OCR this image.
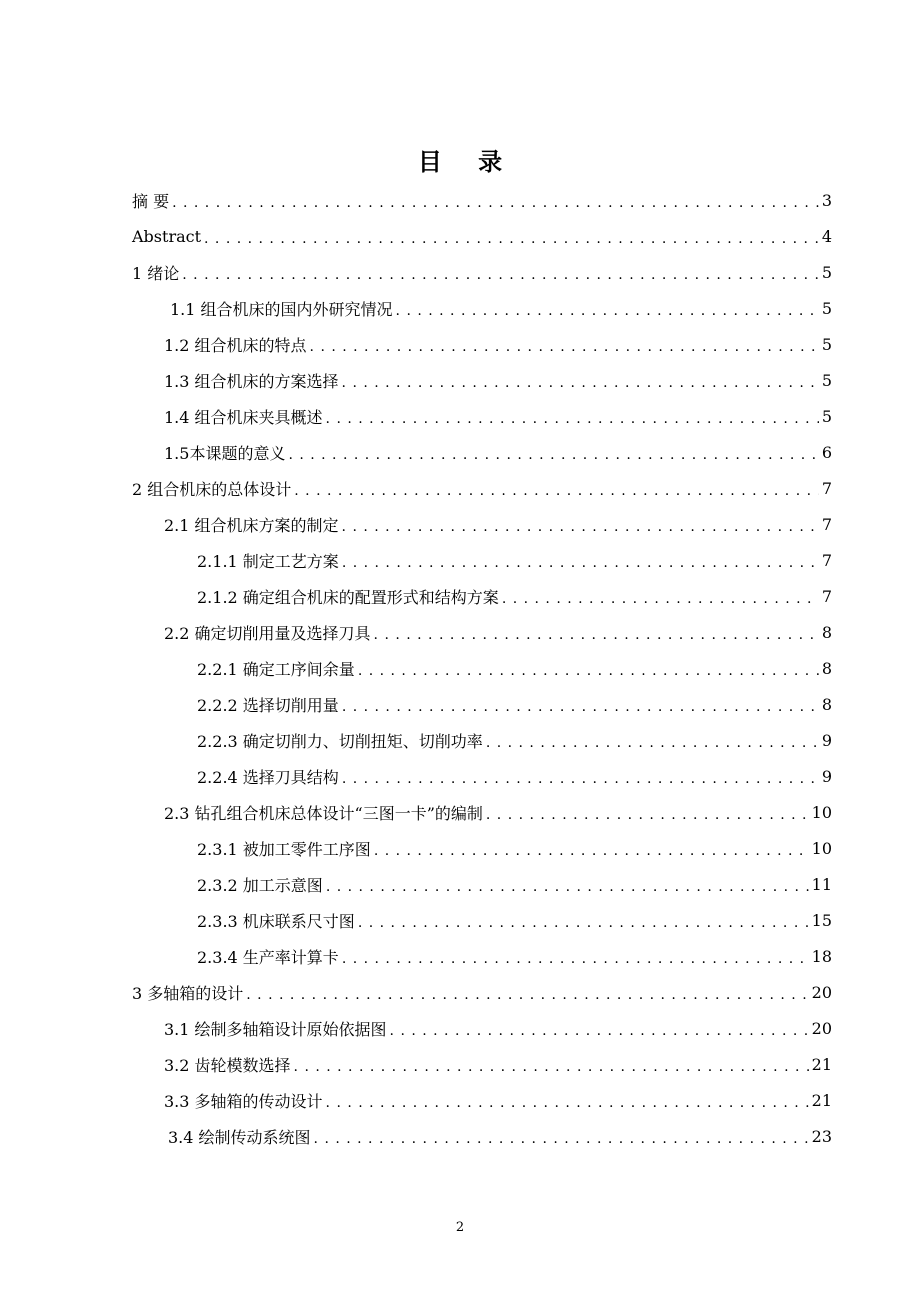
目 录
摘 要 . . .	3
Abstract . . .	4
1 绪论 . . .	5
1.1 组合机床的国内外研究情况 . . .	5
1.2 组合机床的特点 . . .	5
1.3 组合机床的方案选择 . . .	5
1.4 组合机床夹具概述 . . .	5
1.5本课题的意义 . . .	6
2 组合机床的总体设计 . . .	7
2.1 组合机床方案的制定 . . .	7
2.1.1 制定工艺方案 . . .	7
2.1.2 确定组合机床的配置形式和结构方案 . . .	7
2.2 确定切削用量及选择刀具 . . .	8
2.2.1 确定工序间余量 . . .	8
2.2.2 选择切削用量 . . .	8
2.2.3 确定切削力、切削扭矩、切削功率 . . .	9
2.2.4 选择刀具结构 . . .	9
2.3 钻孔组合机床总体设计“三图一卡”的编制 . . .	10
2.3.1 被加工零件工序图 . . .	10
2.3.2 加工示意图 . . .	11
2.3.3 机床联系尺寸图 . . .	15
2.3.4 生产率计算卡 . . .	18
3 多轴箱的设计 . . .	20
3.1 绘制多轴箱设计原始依据图 . . .	20
3.2 齿轮模数选择 . . .	21
3.3 多轴箱的传动设计 . . .	21
3.4 绘制传动系统图 . . .	23
2
